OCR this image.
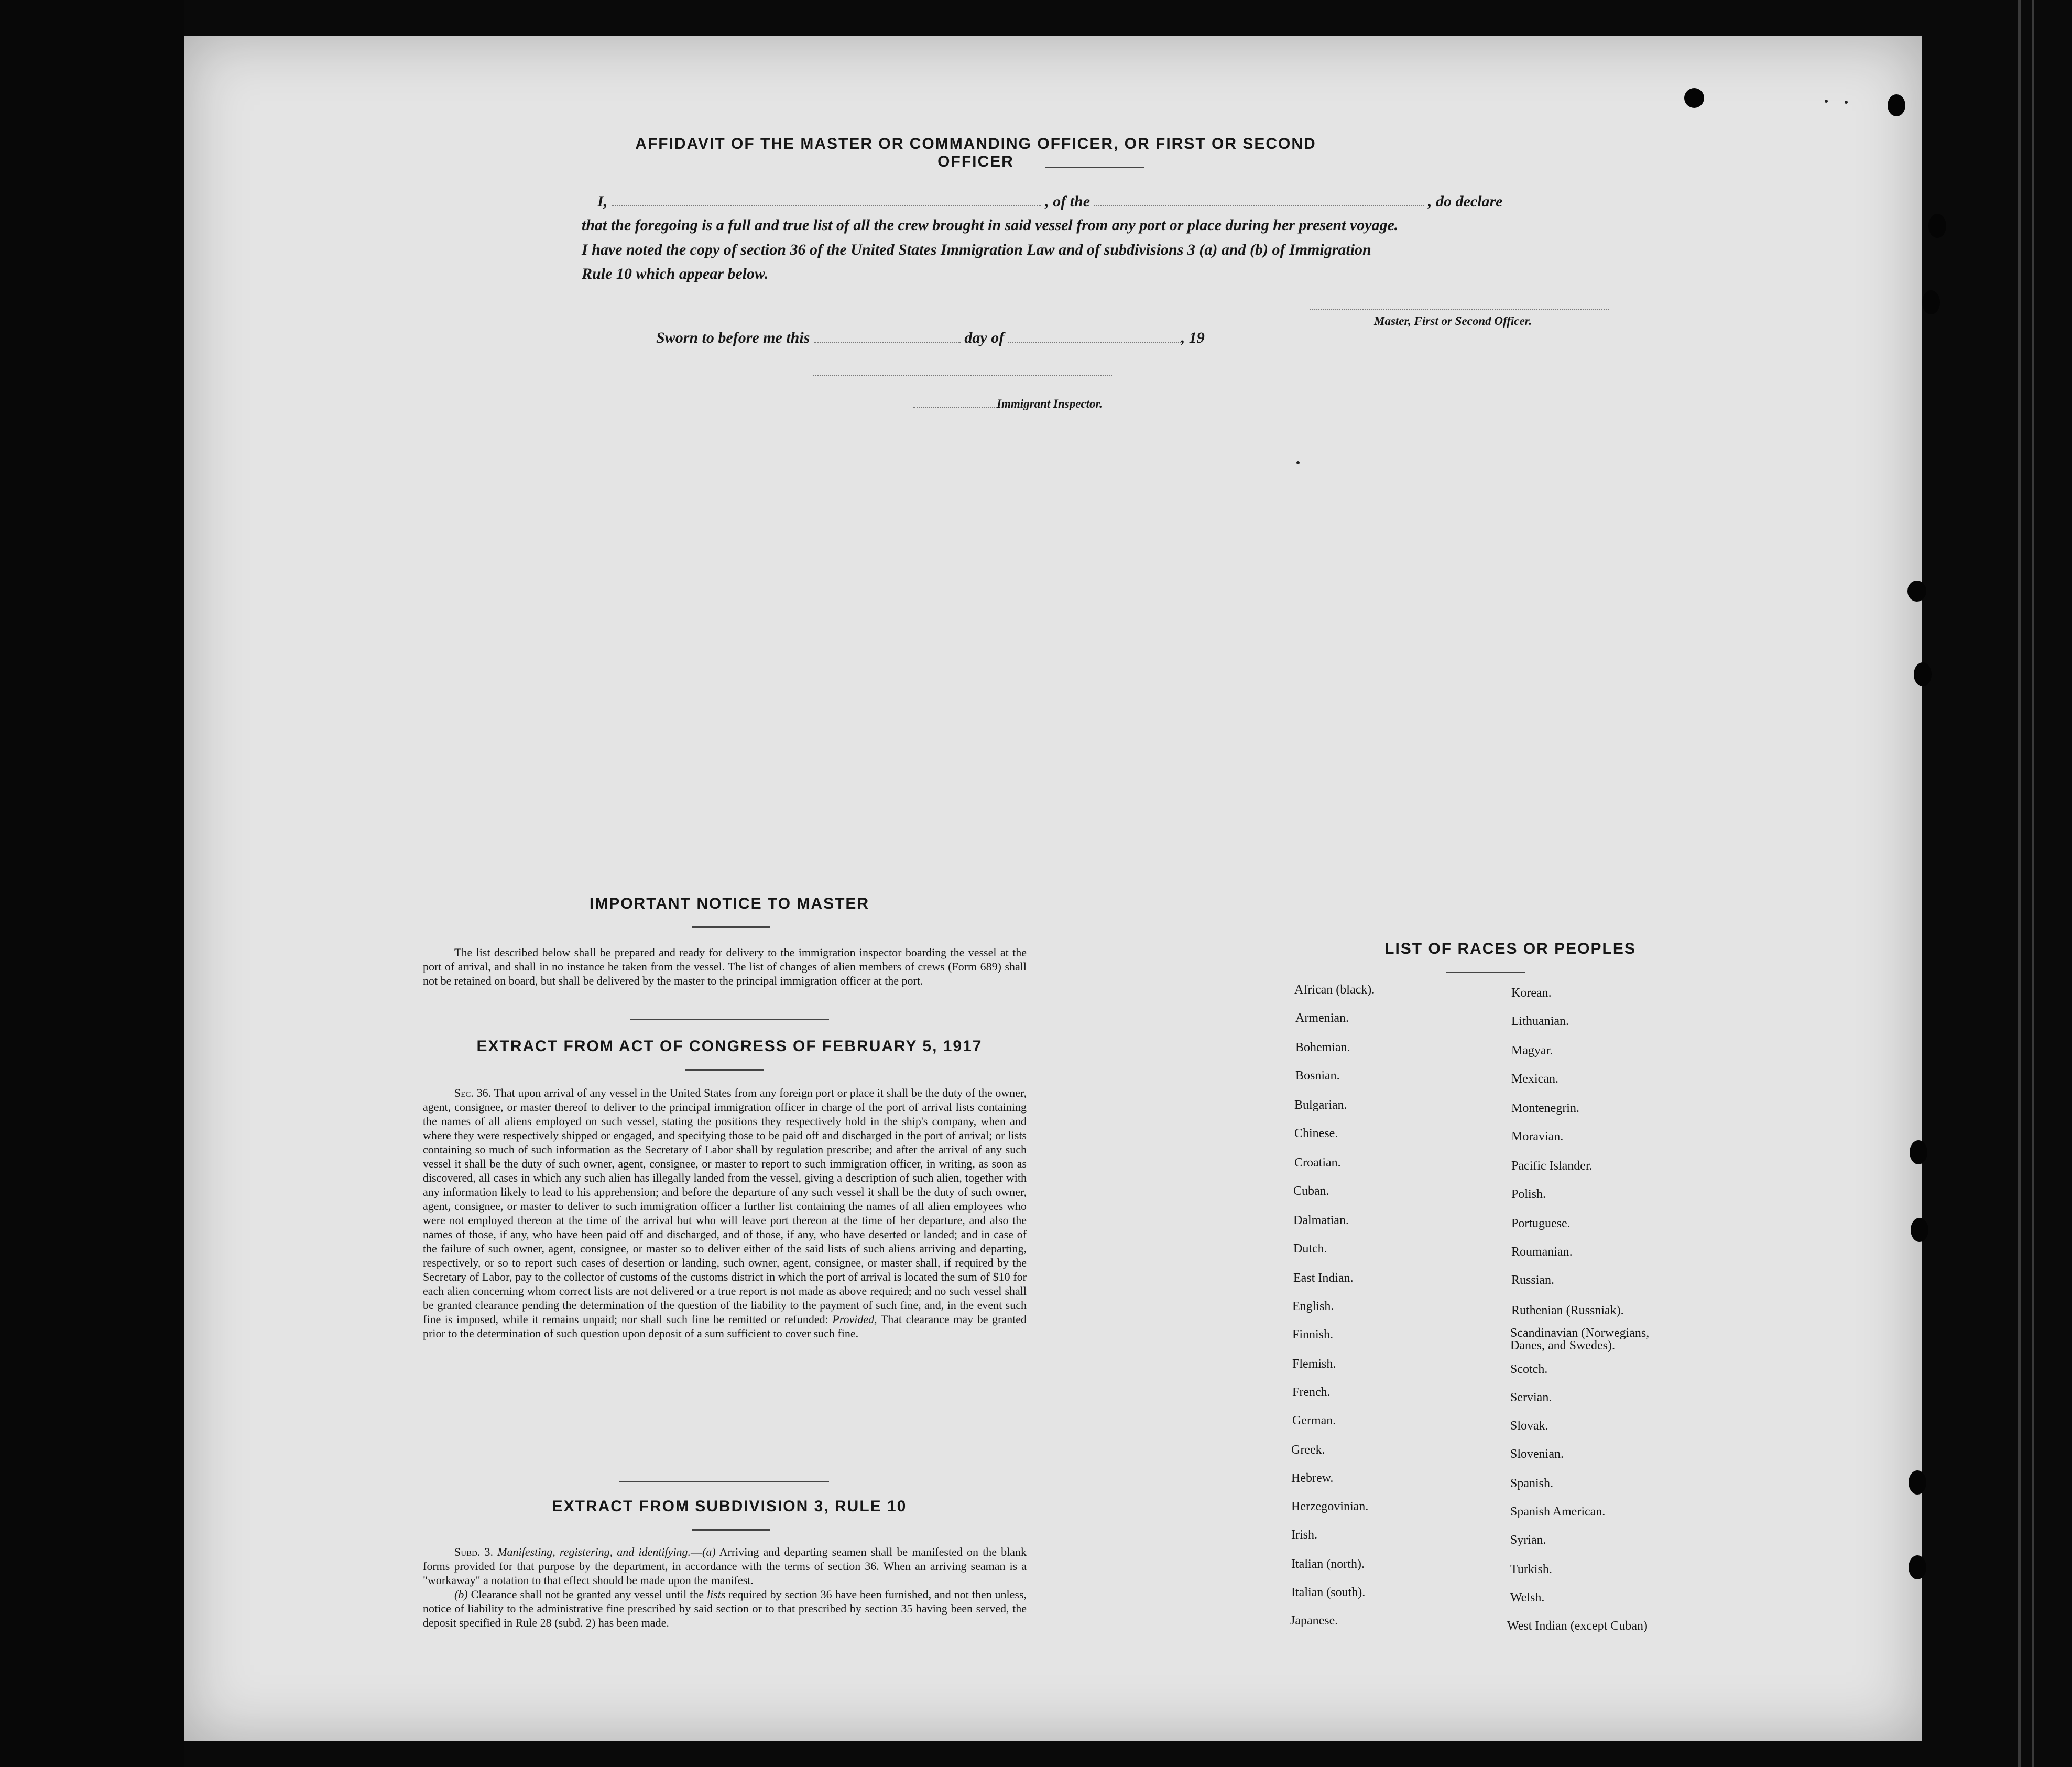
AFFIDAVIT OF THE MASTER OR COMMANDING OFFICER, OR FIRST OR SECOND OFFICER
I,	, of the	, do declare
that the foregoing is a full and true list of all the crew brought in said vessel from any port or place during her present voyage.
I have noted the copy of section 36 of the United States Immigration Law and of subdivisions 3 (a) and (b) of Immigration
Rule 10 which appear below.
Master, First or Second Officer.
Sworn to before me this	day of	, 19
Immigrant Inspector.
IMPORTANT NOTICE TO MASTER

The list described below shall be prepared and ready for delivery to the immigration inspector boarding the vessel at the port of arrival, and shall in no instance be taken from the vessel. The list of changes of alien members of crews (Form 689) shall not be retained on board, but shall be delivered by the master to the principal immigration officer at the port.

EXTRACT FROM ACT OF CONGRESS OF FEBRUARY 5, 1917

Sec. 36. That upon arrival of any vessel in the United States from any foreign port or place it shall be the duty of the owner, agent, consignee, or master thereof to deliver to the principal immigration officer in charge of the port of arrival lists containing the names of all aliens employed on such vessel, stating the positions they respectively hold in the ship's company, when and where they were respectively shipped or engaged, and specifying those to be paid off and discharged in the port of arrival; or lists containing so much of such information as the Secretary of Labor shall by regulation prescribe; and after the arrival of any such vessel it shall be the duty of such owner, agent, consignee, or master to report to such immigration officer, in writing, as soon as discovered, all cases in which any such alien has illegally landed from the vessel, giving a description of such alien, together with any information likely to lead to his apprehension; and before the departure of any such vessel it shall be the duty of such owner, agent, consignee, or master to deliver to such immigration officer a further list containing the names of all alien employees who were not employed thereon at the time of the arrival but who will leave port thereon at the time of her departure, and also the names of those, if any, who have been paid off and discharged, and of those, if any, who have deserted or landed; and in case of the failure of such owner, agent, consignee, or master so to deliver either of the said lists of such aliens arriving and departing, respectively, or so to report such cases of desertion or landing, such owner, agent, consignee, or master shall, if required by the Secretary of Labor, pay to the collector of customs of the customs district in which the port of arrival is located the sum of $10 for each alien concerning whom correct lists are not delivered or a true report is not made as above required; and no such vessel shall be granted clearance pending the determination of the question of the liability to the payment of such fine, and, in the event such fine is imposed, while it remains unpaid; nor shall such fine be remitted or refunded: Provided, That clearance may be granted prior to the determination of such question upon deposit of a sum sufficient to cover such fine.

EXTRACT FROM SUBDIVISION 3, RULE 10

Subd. 3. Manifesting, registering, and identifying.—(a) Arriving and departing seamen shall be manifested on the blank forms provided for that purpose by the department, in accordance with the terms of section 36. When an arriving seaman is a "workaway" a notation to that effect should be made upon the manifest.

(b) Clearance shall not be granted any vessel until the lists required by section 36 have been furnished, and not then unless, notice of liability to the administrative fine prescribed by said section or to that prescribed by section 35 having been served, the deposit specified in Rule 28 (subd. 2) has been made.

LIST OF RACES OR PEOPLES
African (black).
Armenian.
Bohemian.
Bosnian.
Bulgarian.
Chinese.
Croatian.
Cuban.
Dalmatian.
Dutch.
East Indian.
English.
Finnish.
Flemish.
French.
German.
Greek.
Hebrew.
Herzegovinian.
Irish.
Italian (north).
Italian (south).
Japanese.
Korean.
Lithuanian.
Magyar.
Mexican.
Montenegrin.
Moravian.
Pacific Islander.
Polish.
Portuguese.
Roumanian.
Russian.
Ruthenian (Russniak).
Scandinavian (Norwegians, Danes, and Swedes).
Scotch.
Servian.
Slovak.
Slovenian.
Spanish.
Spanish American.
Syrian.
Turkish.
Welsh.
West Indian (except Cuban)
